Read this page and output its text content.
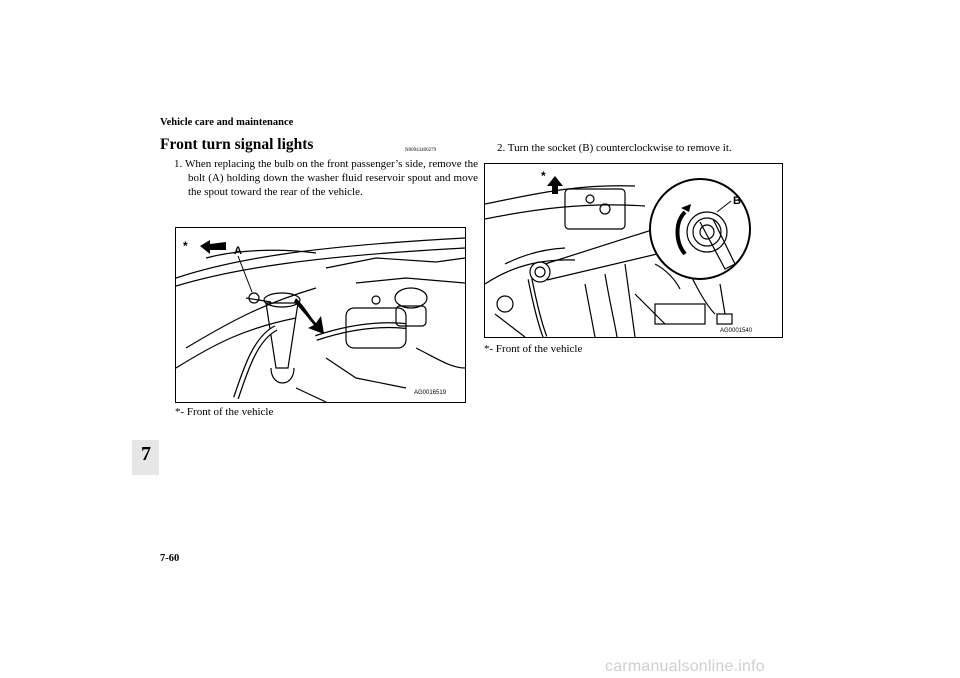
Vehicle care and maintenance
Front turn signal lights	N00943400279
1. When replacing the bulb on the front passenger’s side, remove the bolt (A) holding down the washer fluid reservoir spout and move the spout toward the rear of the vehicle.
*	A
AG0016519
*- Front of the vehicle
2. Turn the socket (B) counterclockwise to remove it.
B
*
AG0001540
*- Front of the vehicle
7
7-60
carmanualsonline.info
